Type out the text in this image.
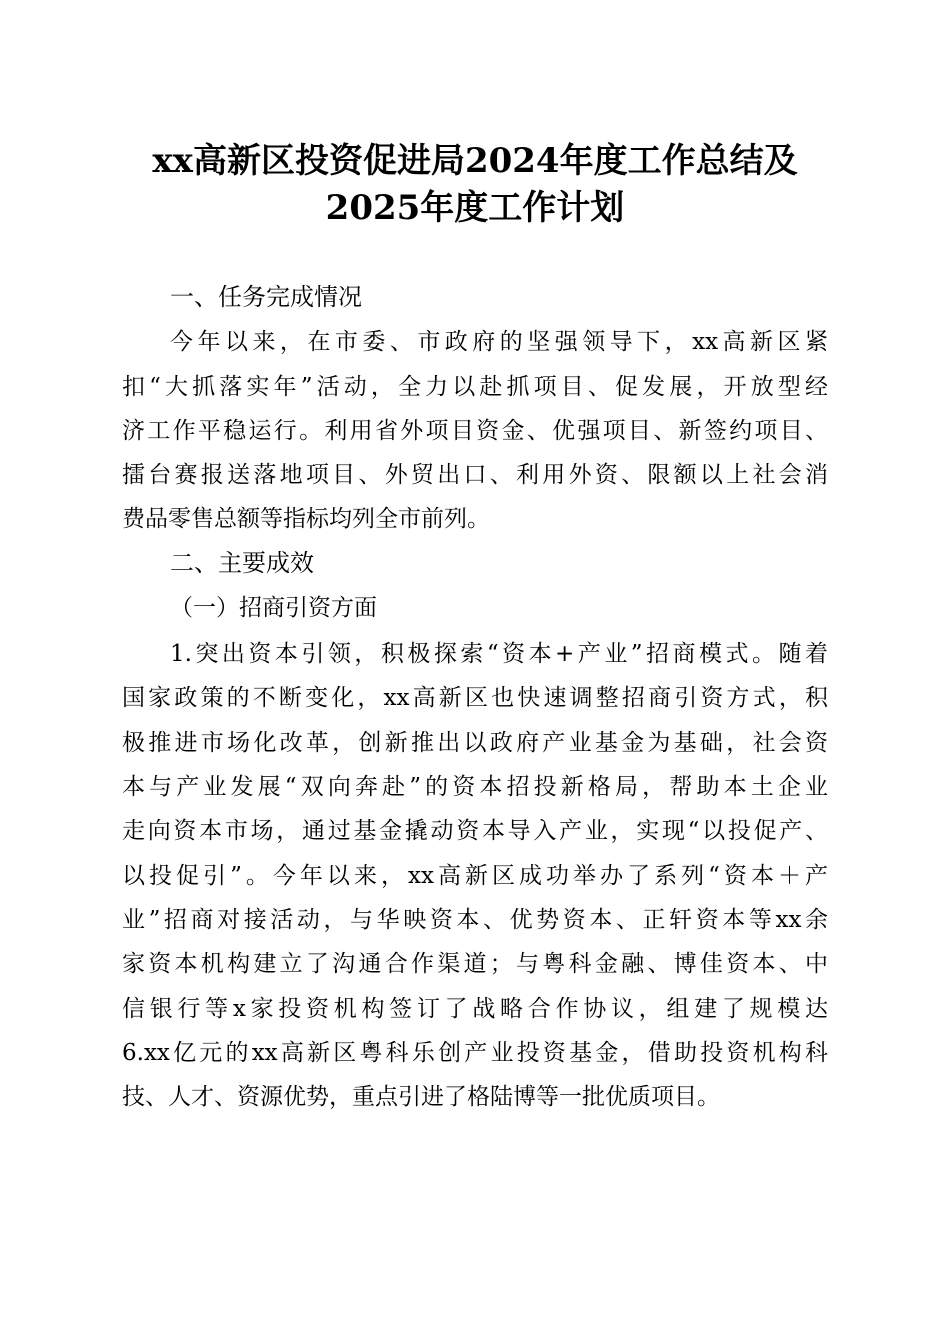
xx高新区投资促进局2024年度工作总结及
2025年度工作计划
一、任务完成情况
今年以来，在市委、市政府的坚强领导下，xx高新区紧
扣“大抓落实年”活动，全力以赴抓项目、促发展，开放型经
济工作平稳运行。利用省外项目资金、优强项目、新签约项目、
擂台赛报送落地项目、外贸出口、利用外资、限额以上社会消
费品零售总额等指标均列全市前列。
二、主要成效
（一）招商引资方面
1.突出资本引领，积极探索“资本+产业”招商模式。随着
国家政策的不断变化，xx高新区也快速调整招商引资方式，积
极推进市场化改革，创新推出以政府产业基金为基础，社会资
本与产业发展“双向奔赴”的资本招投新格局，帮助本土企业
走向资本市场，通过基金撬动资本导入产业，实现“以投促产、
以投促引”。今年以来，xx高新区成功举办了系列“资本＋产
业”招商对接活动，与华映资本、优势资本、正轩资本等xx余
家资本机构建立了沟通合作渠道；与粤科金融、博佳资本、中
信银行等x家投资机构签订了战略合作协议，组建了规模达
6.xx亿元的xx高新区粤科乐创产业投资基金，借助投资机构科
技、人才、资源优势，重点引进了格陆博等一批优质项目。
